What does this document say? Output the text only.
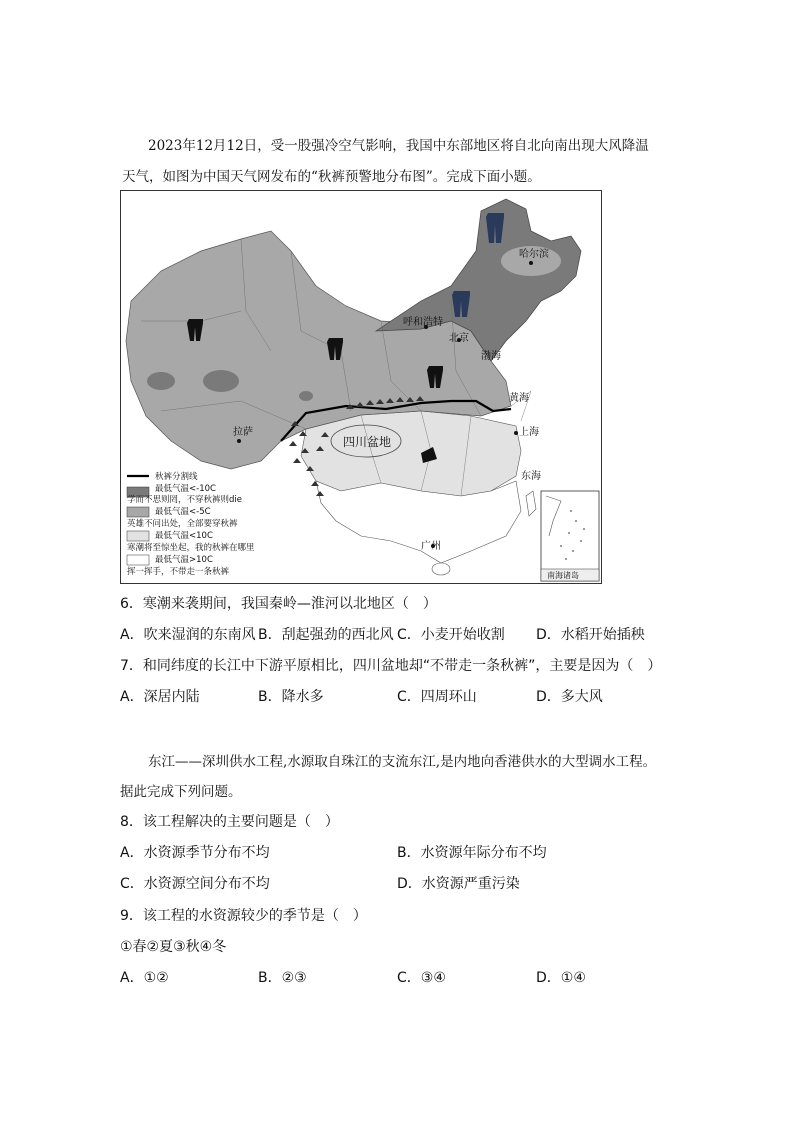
2023年12月12日，受一股强冷空气影响，我国中东部地区将自北向南出现大风降温
天气，如图为中国天气网发布的“秋裤预警地分布图”。完成下面小题。
哈尔滨
呼和浩特
北京
拉萨	上海
广州
渤海
黄海
东海
四川盆地
秋裤分割线
最低气温<-10C
学而不思则罔，不穿秋裤则die
最低气温<-5C
英雄不问出处，全部要穿秋裤
最低气温<10C
寒潮将至惊坐起，我的秋裤在哪里
最低气温>10C
挥一挥手，不带走一条秋裤	南海诸岛
6．寒潮来袭期间，我国秦岭—淮河以北地区（　）
A．吹来湿润的东南风 B．刮起强劲的西北风 C．小麦开始收割 D．水稻开始插秧
7．和同纬度的长江中下游平原相比，四川盆地却“不带走一条秋裤”，主要是因为（　）
A．深居内陆	B．降水多	C．四周环山	D．多大风
东江——深圳供水工程,水源取自珠江的支流东江,是内地向香港供水的大型调水工程。
据此完成下列问题。
8．该工程解决的主要问题是（　）
A．水资源季节分布不均	B．水资源年际分布不均
C．水资源空间分布不均	D．水资源严重污染
9．该工程的水资源较少的季节是（　）
①春②夏③秋④冬
A．①②	B．②③	C．③④	D．①④
